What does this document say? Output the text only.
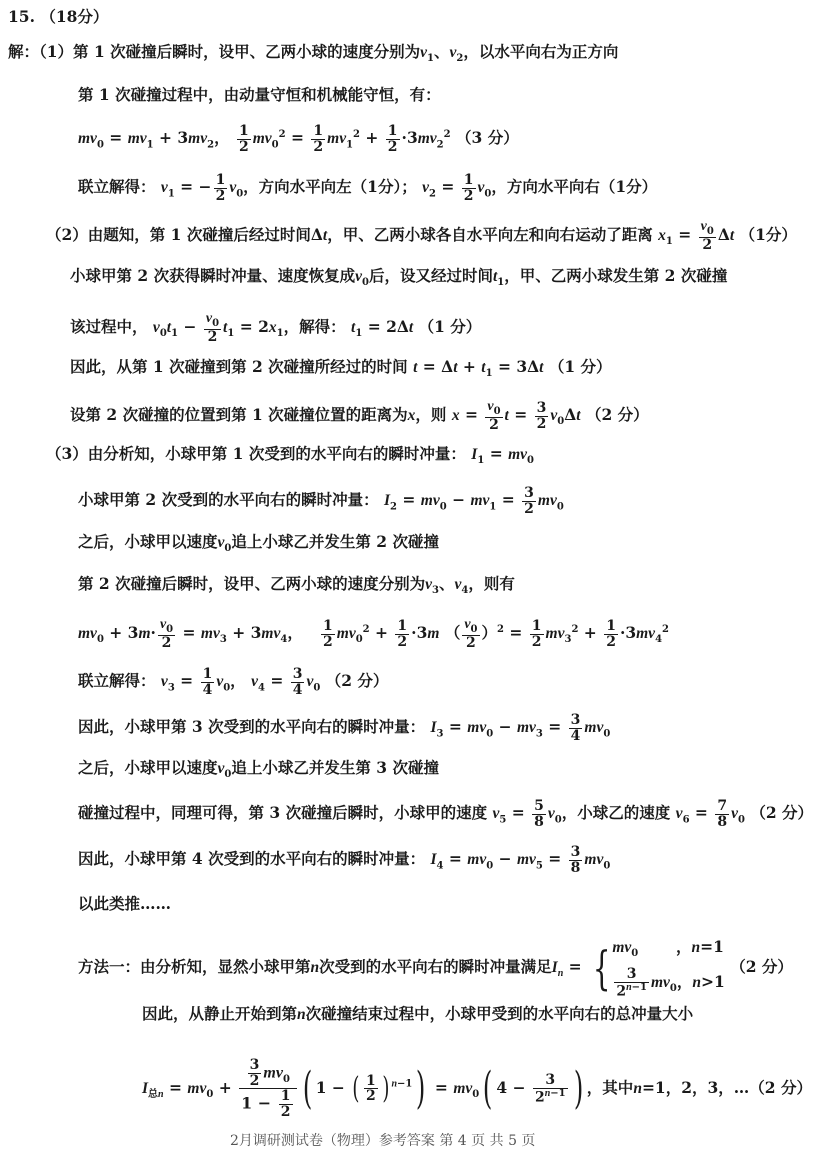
15. （18分）
解：（1）第 1 次碰撞后瞬时，设甲、乙两小球的速度分别为$v_1$、$v_2$，以水平向右为正方向
第 1 次碰撞过程中，由动量守恒和机械能守恒，有：
$mv_0 = mv_1 + 3mv_2$， $\frac{1}{2} mv_0^2 = \frac{1}{2} mv_1^2 + \frac{1}{2} \cdot 3mv_2^2$ （3 分）
联立解得： $v_1$ = − $\frac{1}{2} v_0$，方向水平向左（1分）； $v_2 = \frac{1}{2} v_0$，方向水平向右（1分）
（2）由题知，第 1 次碰撞后经过时间Δt，甲、乙两小球各自水平向左和向右运动了距离 $x_1 = \frac{v_0}{2}$ Δt （1分）
小球甲第 2 次获得瞬时冲量、速度恢复成$v_0$后，设又经过时间$t_1$，甲、乙两小球发生第 2 次碰撞
该过程中， $v_0t_1 - \frac{v_0}{2} t_1 = 2x_1$，解得： $t_1 = 2\Delta t$ （1 分）
因此，从第 1 次碰撞到第 2 次碰撞所经过的时间 $t = \Delta t + t_1 = 3\Delta t$ （1 分）
设第 2 次碰撞的位置到第 1 次碰撞位置的距离为x，则 $x = \frac{v_0}{2}$ $t = \frac{3}{2} v_0\Delta t$ （2 分）
（3）由分析知，小球甲第 1 次受到的水平向右的瞬时冲量： $I_1 = mv_0$
小球甲第 2 次受到的水平向右的瞬时冲量： $I_2 = mv_0 - mv_1 = \frac{3}{2} mv_0$
之后，小球甲以速度$v_0$追上小球乙并发生第 2 次碰撞
第 2 次碰撞后瞬时，设甲、乙两小球的速度分别为$v_3$、$v_4$，则有
$mv_0 + 3m\cdot \frac{v_0}{2} = mv_3 + 3mv_4$， $\frac{1}{2} mv_0^2 + \frac{1}{2} \cdot 3m$ （ $\frac{v_0}{2} )^2 = \frac{1}{2} mv_3^2 + \frac{1}{2} \cdot 3mv_4^2$
联立解得： $v_3 = \frac{1}{4} v_0$， $v_4 = \frac{3}{4} v_0$ （2 分）
因此，小球甲第 3 次受到的水平向右的瞬时冲量： $I_3 = mv_0 - mv_3 = \frac{3}{4} mv_0$
之后，小球甲以速度$v_0$追上小球乙并发生第 3 次碰撞
碰撞过程中，同理可得，第 3 次碰撞后瞬时，小球甲的速度 $v_5 = \frac{5}{8} v_0$，小球乙的速度 $v_6 = \frac{7}{8} v_0$ （2 分）
因此，小球甲第 4 次受到的水平向右的瞬时冲量： $I_4 = mv_0 - mv_5 = \frac{3}{8} mv_0$
以此类推……
方法一：由分析知，显然小球甲第n次受到的水平向右的瞬时冲量满足$I_n$ = { $mv_0$       ，n=1
$\frac{3}{2^{n-1}} mv_0$，n>1
（2 分）
因此，从静止开始到第n次碰撞结束过程中，小球甲受到的水平向右的总冲量大小
$I_{总n} = mv_0 + \frac{\frac{3}{2} mv_0}{1 - \frac{1}{2}}$ ( 1 − ( $\frac{1}{2}$ ) $^{n-1}) = mv_0$( $4 - \frac{3}{2^{n-1}}$ ) ，其中n=1，2，3，…（2 分）
2月调研测试卷（物理）参考答案 第 4 页 共 5 页
